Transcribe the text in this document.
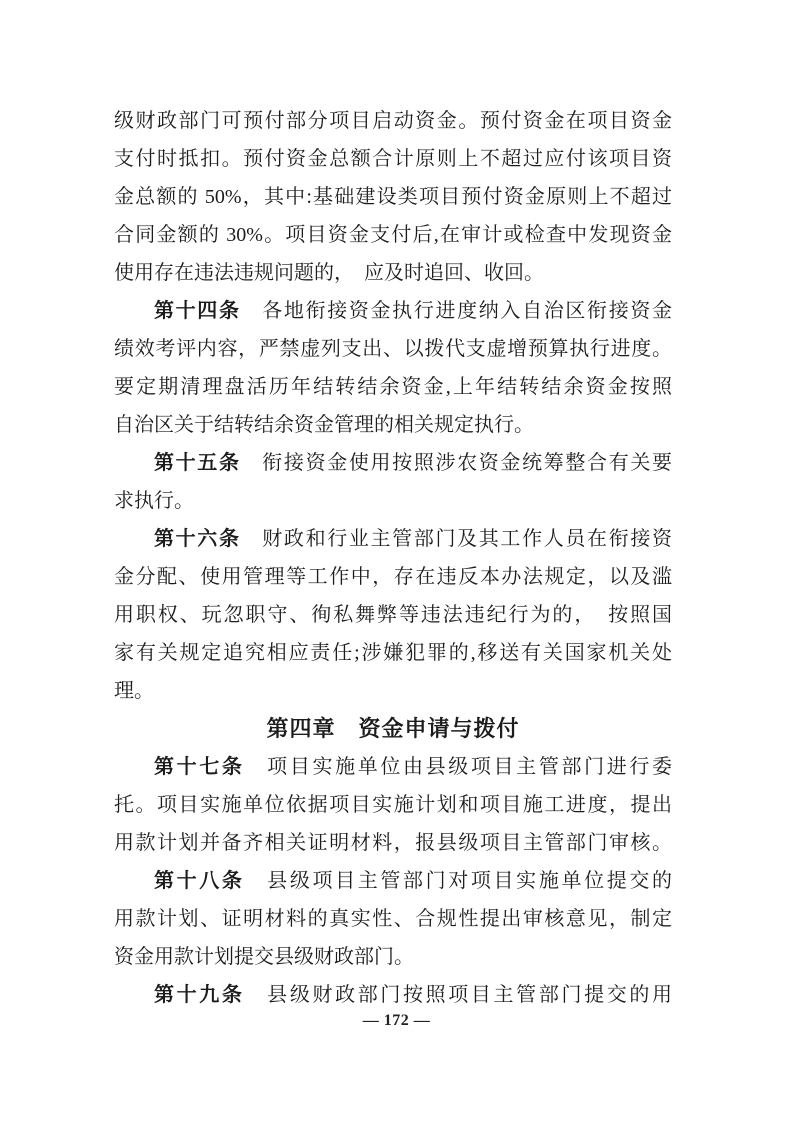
级财政部门可预付部分项目启动资金。预付资金在项目资金
支付时抵扣。预付资金总额合计原则上不超过应付该项目资
金总额的 50%，其中:基础建设类项目预付资金原则上不超过
合同金额的 30%。项目资金支付后,在审计或检查中发现资金
使用存在违法违规问题的，　应及时追回、收回。
第十四条　各地衔接资金执行进度纳入自治区衔接资金
绩效考评内容，严禁虚列支出、以拨代支虚增预算执行进度。
要定期清理盘活历年结转结余资金,上年结转结余资金按照
自治区关于结转结余资金管理的相关规定执行。
第十五条　衔接资金使用按照涉农资金统筹整合有关要
求执行。
第十六条　财政和行业主管部门及其工作人员在衔接资
金分配、使用管理等工作中，存在违反本办法规定，以及滥
用职权、玩忽职守、徇私舞弊等违法违纪行为的，　按照国
家有关规定追究相应责任;涉嫌犯罪的,移送有关国家机关处
理。
第四章　资金申请与拨付
第十七条　项目实施单位由县级项目主管部门进行委
托。项目实施单位依据项目实施计划和项目施工进度，提出
用款计划并备齐相关证明材料，报县级项目主管部门审核。
第十八条　县级项目主管部门对项目实施单位提交的
用款计划、证明材料的真实性、合规性提出审核意见，制定
资金用款计划提交县级财政部门。
第十九条　县级财政部门按照项目主管部门提交的用
— 172 —
